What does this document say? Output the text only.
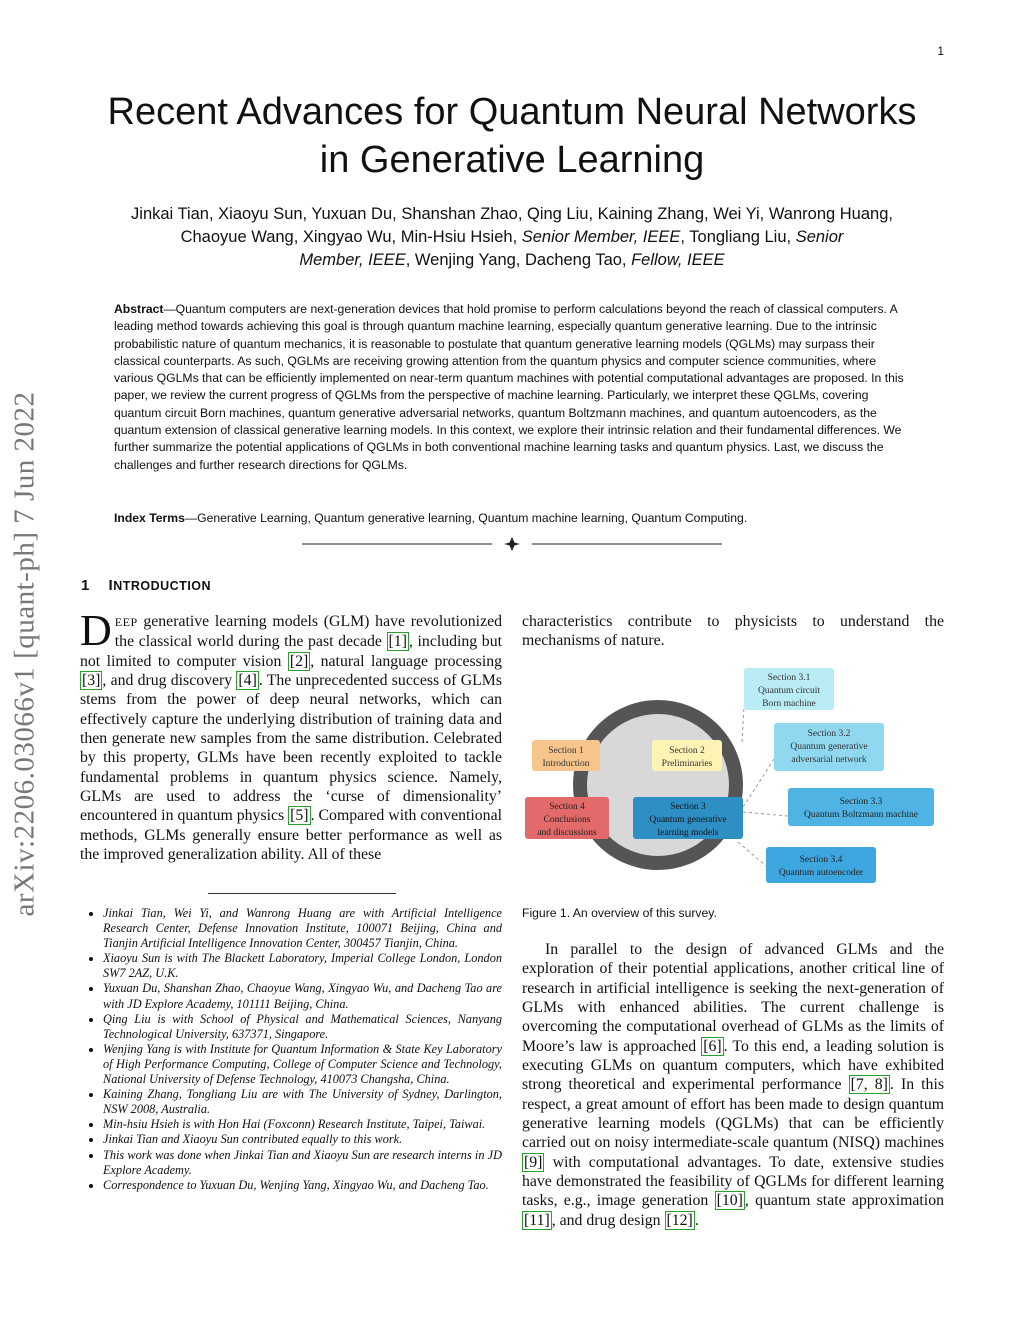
1
arXiv:2206.03066v1 [quant-ph] 7 Jun 2022
Recent Advances for Quantum Neural Networks
in Generative Learning
Jinkai Tian, Xiaoyu Sun, Yuxuan Du, Shanshan Zhao, Qing Liu, Kaining Zhang, Wei Yi, Wanrong Huang,
Chaoyue Wang, Xingyao Wu, Min-Hsiu Hsieh, Senior Member, IEEE, Tongliang Liu, Senior
Member, IEEE, Wenjing Yang, Dacheng Tao, Fellow, IEEE
Abstract—Quantum computers are next-generation devices that hold promise to perform calculations beyond the reach of classical computers. A leading method towards achieving this goal is through quantum machine learning, especially quantum generative learning. Due to the intrinsic probabilistic nature of quantum mechanics, it is reasonable to postulate that quantum generative learning models (QGLMs) may surpass their classical counterparts. As such, QGLMs are receiving growing attention from the quantum physics and computer science communities, where various QGLMs that can be efficiently implemented on near-term quantum machines with potential computational advantages are proposed. In this paper, we review the current progress of QGLMs from the perspective of machine learning. Particularly, we interpret these QGLMs, covering quantum circuit Born machines, quantum generative adversarial networks, quantum Boltzmann machines, and quantum autoencoders, as the quantum extension of classical generative learning models. In this context, we explore their intrinsic relation and their fundamental differences. We further summarize the potential applications of QGLMs in both conventional machine learning tasks and quantum physics. Last, we discuss the challenges and further research directions for QGLMs.
Index Terms—Generative Learning, Quantum generative learning, Quantum machine learning, Quantum Computing.
1 INTRODUCTION
DEEP generative learning models (GLM) have revolutionized the classical world during the past decade [1] , including but not limited to computer vision [2] , natural language processing [3] , and drug discovery [4] . The unprecedented success of GLMs stems from the power of deep neural networks, which can effectively capture the underlying distribution of training data and then generate new samples from the same distribution. Celebrated by this property, GLMs have been recently exploited to tackle fundamental problems in quantum physics science. Namely, GLMs are used to address the ‘curse of dimensionality’ encountered in quantum physics [5] . Compared with conventional methods, GLMs generally ensure better performance as well as the improved generalization ability. All of these
• Jinkai Tian, Wei Yi, and Wanrong Huang are with Artificial Intelligence Research Center, Defense Innovation Institute, 100071 Beijing, China and Tianjin Artificial Intelligence Innovation Center, 300457 Tianjin, China.
• Xiaoyu Sun is with The Blackett Laboratory, Imperial College London, London SW7 2AZ, U.K.
• Yuxuan Du, Shanshan Zhao, Chaoyue Wang, Xingyao Wu, and Dacheng Tao are with JD Explore Academy, 101111 Beijing, China.
• Qing Liu is with School of Physical and Mathematical Sciences, Nanyang Technological University, 637371, Singapore.
• Wenjing Yang is with Institute for Quantum Information & State Key Laboratory of High Performance Computing, College of Computer Science and Technology, National University of Defense Technology, 410073 Changsha, China.
• Kaining Zhang, Tongliang Liu are with The University of Sydney, Darlington, NSW 2008, Australia.
• Min-hsiu Hsieh is with Hon Hai (Foxconn) Research Institute, Taipei, Taiwai.
• Jinkai Tian and Xiaoyu Sun contributed equally to this work.
• This work was done when Jinkai Tian and Xiaoyu Sun are research interns in JD Explore Academy.
• Correspondence to Yuxuan Du, Wenjing Yang, Xingyao Wu, and Dacheng Tao.
characteristics contribute to physicists to understand the mechanisms of nature.
Section 1
Introduction
Section 2
Preliminaries
Section 4
Conclusions
and discussions
Section 3
Quantum generative
learning models
Section 3.1
Quantum circuit
Born machine
Section 3.2
Quantum generative
adversarial network
Section 3.3
Quantum Boltzmann machine
Section 3.4
Quantum autoencoder
Figure 1. An overview of this survey.
In parallel to the design of advanced GLMs and the exploration of their potential applications, another critical line of research in artificial intelligence is seeking the next-generation of GLMs with enhanced abilities. The current challenge is overcoming the computational overhead of GLMs as the limits of Moore’s law is approached [6] . To this end, a leading solution is executing GLMs on quantum computers, which have exhibited strong theoretical and experimental performance [7, 8] . In this respect, a great amount of effort has been made to design quantum generative learning models (QGLMs) that can be efficiently carried out on noisy intermediate-scale quantum (NISQ) machines [9] with computational advantages. To date, extensive studies have demonstrated the feasibility of QGLMs for different learning tasks, e.g., image generation [10] , quantum state approximation [11] , and drug design [12] .
